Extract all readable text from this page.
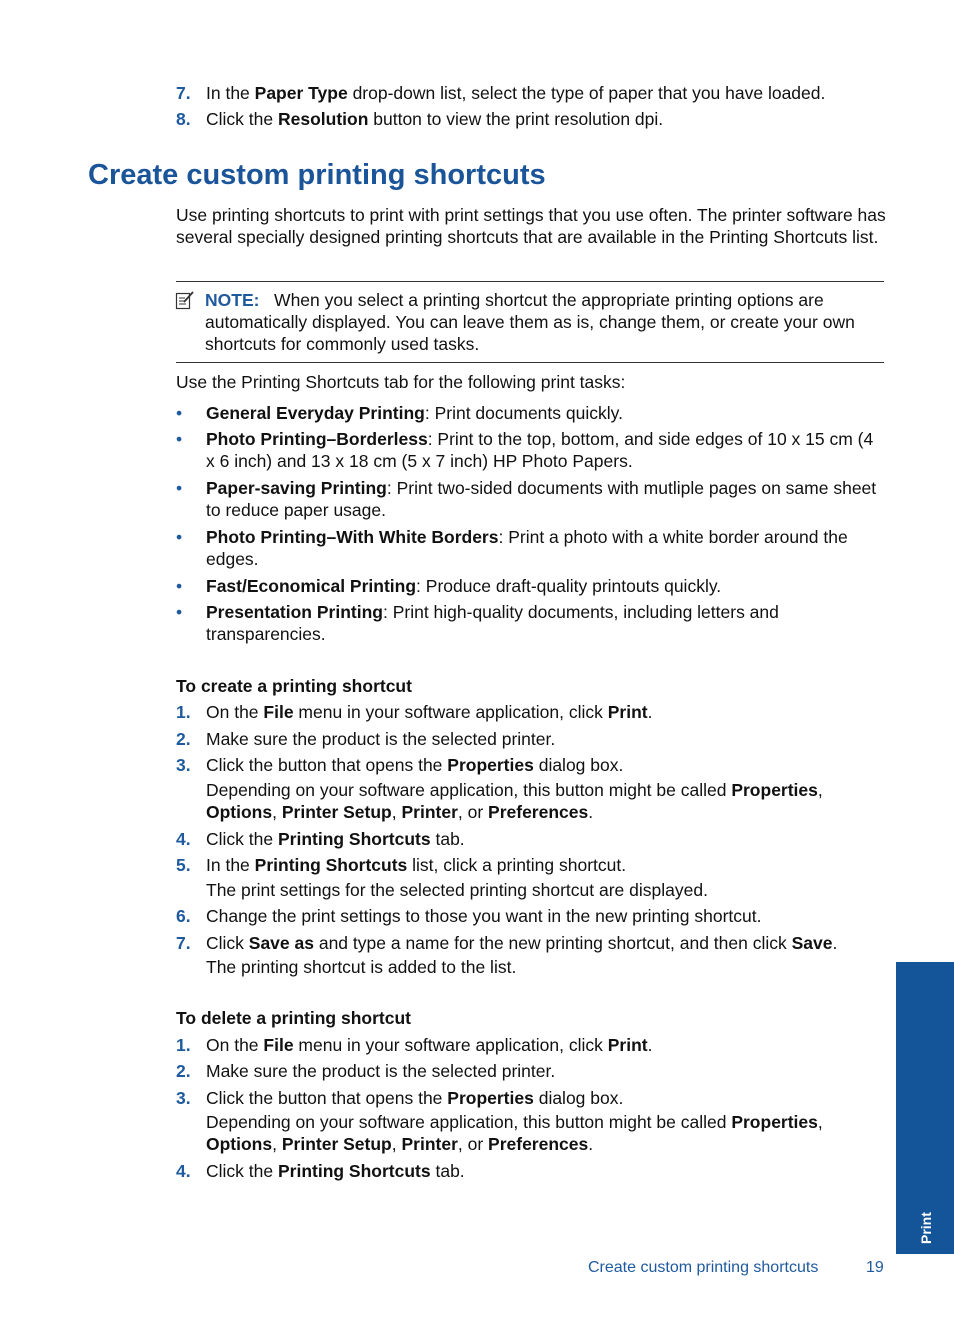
7. In the Paper Type drop-down list, select the type of paper that you have loaded.
8. Click the Resolution button to view the print resolution dpi.
Create custom printing shortcuts
Use printing shortcuts to print with print settings that you use often. The printer software has several specially designed printing shortcuts that are available in the Printing Shortcuts list.
NOTE: When you select a printing shortcut the appropriate printing options are automatically displayed. You can leave them as is, change them, or create your own shortcuts for commonly used tasks.
Use the Printing Shortcuts tab for the following print tasks:
• General Everyday Printing: Print documents quickly.
• Photo Printing–Borderless: Print to the top, bottom, and side edges of 10 x 15 cm (4 x 6 inch) and 13 x 18 cm (5 x 7 inch) HP Photo Papers.
• Paper-saving Printing: Print two-sided documents with mutliple pages on same sheet to reduce paper usage.
• Photo Printing–With White Borders: Print a photo with a white border around the edges.
• Fast/Economical Printing: Produce draft-quality printouts quickly.
• Presentation Printing: Print high-quality documents, including letters and transparencies.
To create a printing shortcut
1. On the File menu in your software application, click Print.
2. Make sure the product is the selected printer.
3. Click the button that opens the Properties dialog box.
Depending on your software application, this button might be called Properties, Options, Printer Setup, Printer, or Preferences.
4. Click the Printing Shortcuts tab.
5. In the Printing Shortcuts list, click a printing shortcut.
The print settings for the selected printing shortcut are displayed.
6. Change the print settings to those you want in the new printing shortcut.
7. Click Save as and type a name for the new printing shortcut, and then click Save.
The printing shortcut is added to the list.
To delete a printing shortcut
1. On the File menu in your software application, click Print.
2. Make sure the product is the selected printer.
3. Click the button that opens the Properties dialog box.
Depending on your software application, this button might be called Properties, Options, Printer Setup, Printer, or Preferences.
4. Click the Printing Shortcuts tab.
Print
Create custom printing shortcuts	19
